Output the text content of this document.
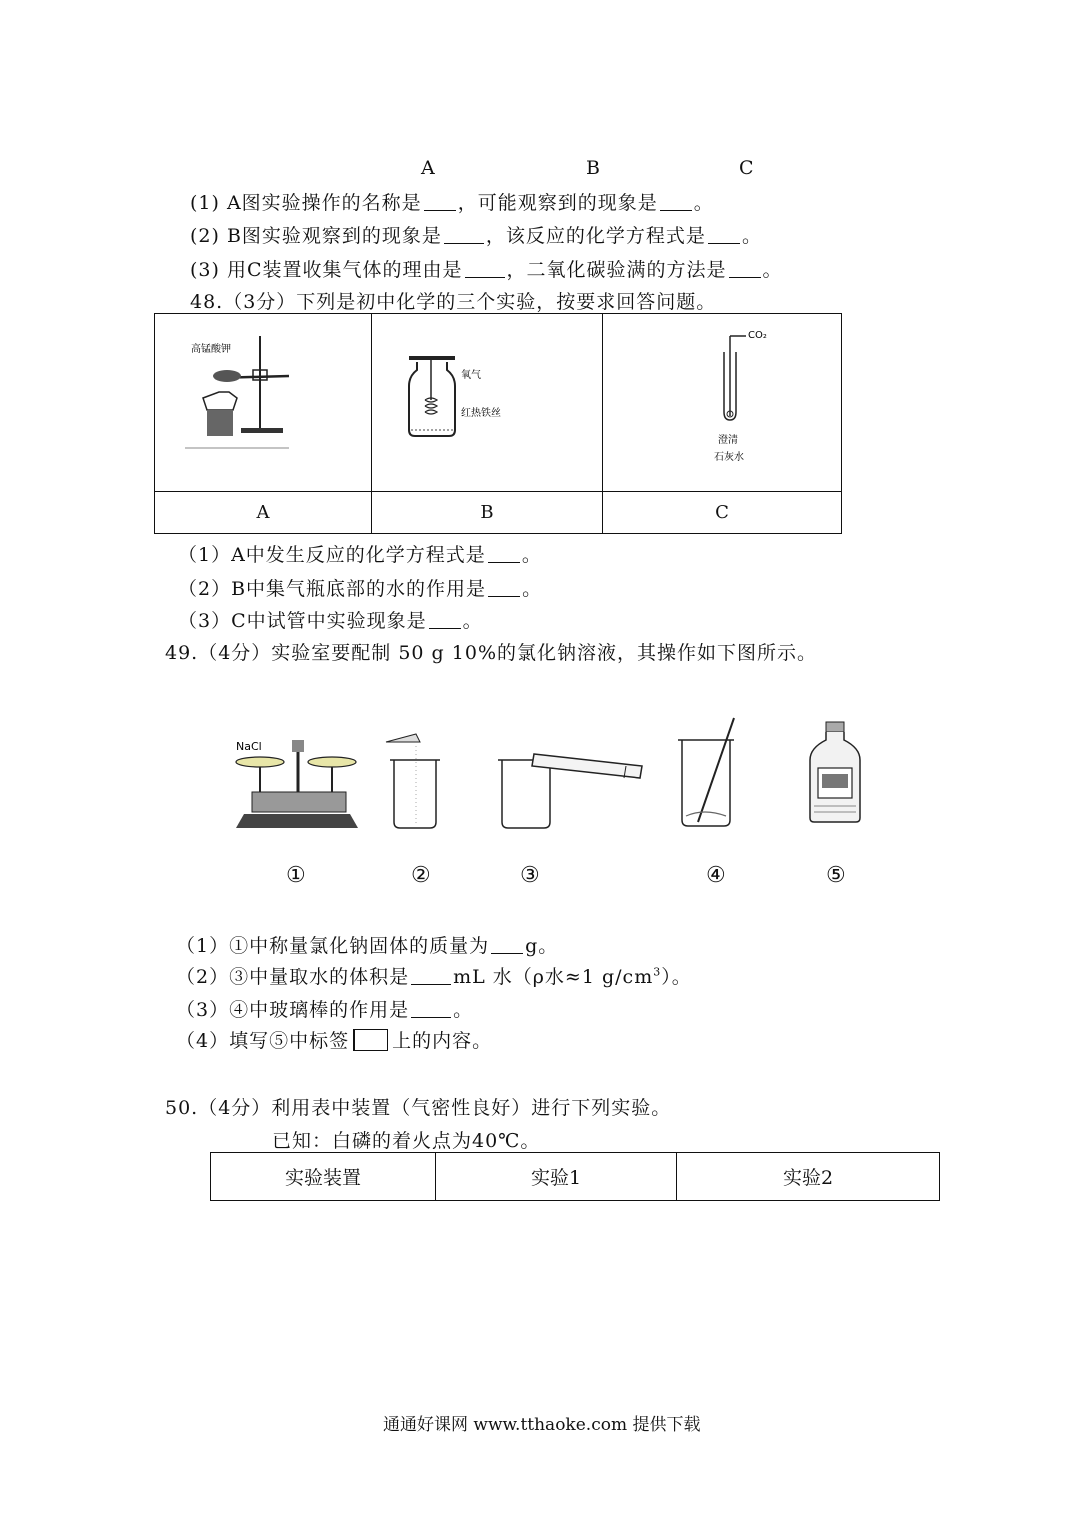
A	B	C
(1) A图实验操作的名称是 ，可能观察到的现象是 。
(2) B图实验观察到的现象是 ，该反应的化学方程式是 。
(3) 用C装置收集气体的理由是 ，二氧化碳验满的方法是 。
48.（3分）下列是初中化学的三个实验，按要求回答问题。

A	B	C
高锰酸钾
氧气
红热铁丝
CO₂
澄清
石灰水
（1）A中发生反应的化学方程式是 。
（2）B中集气瓶底部的水的作用是 。
（3）C中试管中实验现象是 。
49.（4分）实验室要配制 50 g 10%的氯化钠溶液，其操作如下图所示。
NaCl
①	②	③	④	⑤
（1）①中称量氯化钠固体的质量为 g。
（2）③中量取水的体积是 mL 水（ρ水≈1 $g/cm^3$）。
（3）④中玻璃棒的作用是 。
（4）填写⑤中标签 上的内容。
50.（4分）利用表中装置（气密性良好）进行下列实验。
已知：白磷的着火点为40℃。
实验装置	实验1	实验2
通通好课网 www.tthaoke.com 提供下载
